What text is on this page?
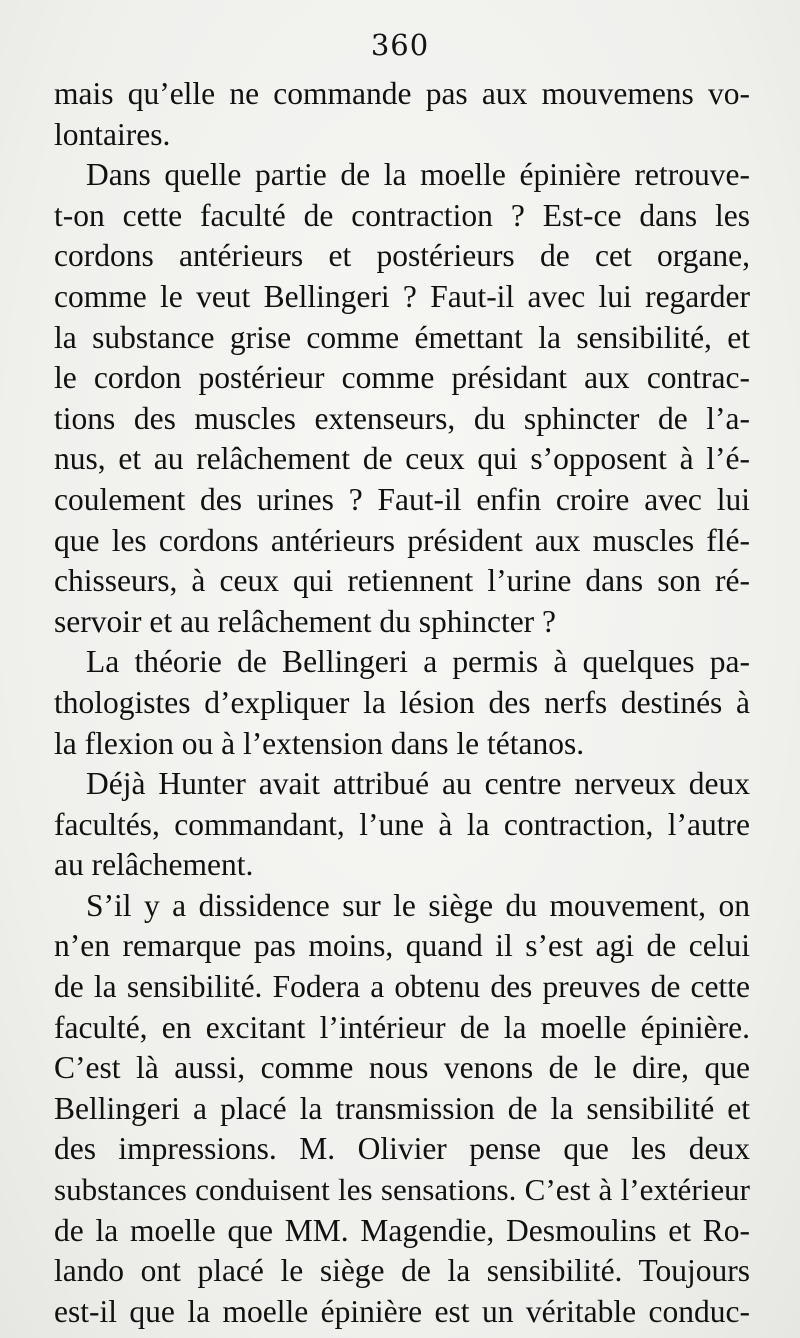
360
mais qu’elle ne commande pas aux mouvemens vo-
lontaires.
Dans quelle partie de la moelle épinière retrouve-
t-on cette faculté de contraction ? Est-ce dans les
cordons antérieurs et postérieurs de cet organe,
comme le veut Bellingeri ? Faut-il avec lui regarder
la substance grise comme émettant la sensibilité, et
le cordon postérieur comme présidant aux contrac-
tions des muscles extenseurs, du sphincter de l’a-
nus, et au relâchement de ceux qui s’opposent à l’é-
coulement des urines ? Faut-il enfin croire avec lui
que les cordons antérieurs président aux muscles flé-
chisseurs, à ceux qui retiennent l’urine dans son ré-
servoir et au relâchement du sphincter ?
La théorie de Bellingeri a permis à quelques pa-
thologistes d’expliquer la lésion des nerfs destinés à
la flexion ou à l’extension dans le tétanos.
Déjà Hunter avait attribué au centre nerveux deux
facultés, commandant, l’une à la contraction, l’autre
au relâchement.
S’il y a dissidence sur le siège du mouvement, on
n’en remarque pas moins, quand il s’est agi de celui
de la sensibilité. Fodera a obtenu des preuves de cette
faculté, en excitant l’intérieur de la moelle épinière.
C’est là aussi, comme nous venons de le dire, que
Bellingeri a placé la transmission de la sensibilité et
des impressions. M. Olivier pense que les deux
substances conduisent les sensations. C’est à l’extérieur
de la moelle que MM. Magendie, Desmoulins et Ro-
lando ont placé le siège de la sensibilité. Toujours
est-il que la moelle épinière est un véritable conduc-
